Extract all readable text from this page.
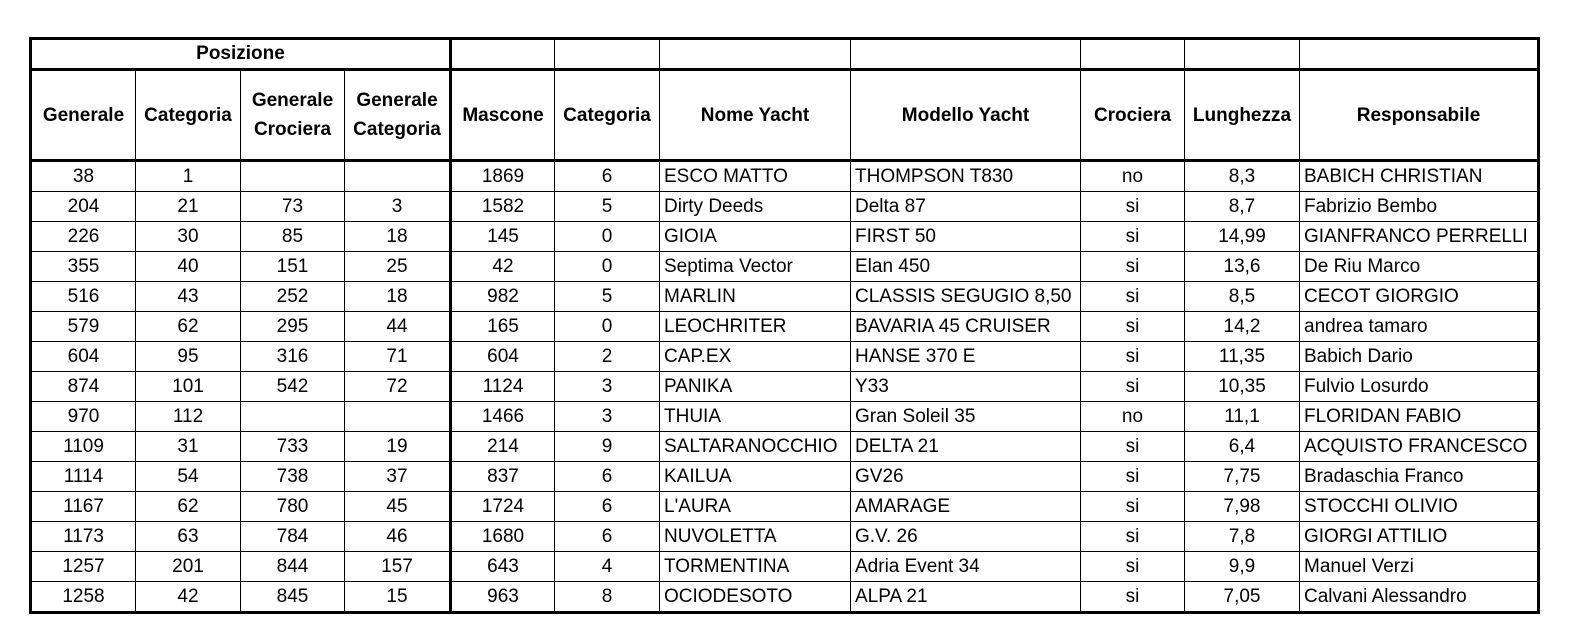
Posizione										
Generale	Categoria	Generale Crociera	Generale Categoria	Mascone	Categoria	Nome Yacht	Modello Yacht	Crociera	Lunghezza	Responsabile
38	1			1869	6	ESCO MATTO	THOMPSON T830	no	8,3	BABICH CHRISTIAN
204	21	73	3	1582	5	Dirty Deeds	Delta 87	si	8,7	Fabrizio Bembo
226	30	85	18	145	0	GIOIA	FIRST 50	si	14,99	GIANFRANCO PERRELLI
355	40	151	25	42	0	Septima Vector	Elan 450	si	13,6	De Riu Marco
516	43	252	18	982	5	MARLIN	CLASSIS SEGUGIO 8,50	si	8,5	CECOT GIORGIO
579	62	295	44	165	0	LEOCHRITER	BAVARIA 45 CRUISER	si	14,2	andrea tamaro
604	95	316	71	604	2	CAP.EX	HANSE 370 E	si	11,35	Babich Dario
874	101	542	72	1124	3	PANIKA	Y33	si	10,35	Fulvio Losurdo
970	112			1466	3	THUIA	Gran Soleil 35	no	11,1	FLORIDAN FABIO
1109	31	733	19	214	9	SALTARANOCCHIO	DELTA 21	si	6,4	ACQUISTO FRANCESCO
1114	54	738	37	837	6	KAILUA	GV26	si	7,75	Bradaschia Franco
1167	62	780	45	1724	6	L'AURA	AMARAGE	si	7,98	STOCCHI OLIVIO
1173	63	784	46	1680	6	NUVOLETTA	G.V. 26	si	7,8	GIORGI ATTILIO
1257	201	844	157	643	4	TORMENTINA	Adria Event 34	si	9,9	Manuel Verzi
1258	42	845	15	963	8	OCIODESOTO	ALPA 21	si	7,05	Calvani Alessandro
